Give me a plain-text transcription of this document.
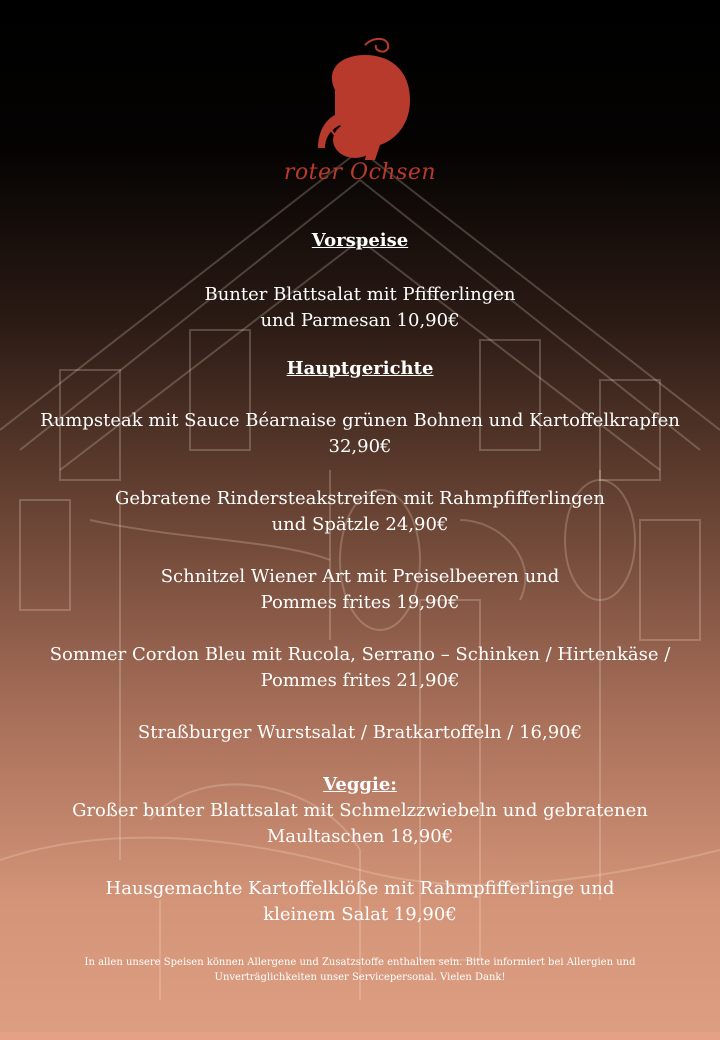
roter Ochsen

Vorspeise

Bunter Blattsalat mit Pfifferlingen
und Parmesan 10,90€

Hauptgerichte

Rumpsteak mit Sauce Béarnaise grünen Bohnen und Kartoffelkrapfen
32,90€

Gebratene Rindersteakstreifen mit Rahmpfifferlingen
und Spätzle 24,90€

Schnitzel Wiener Art mit Preiselbeeren und
Pommes frites 19,90€

Sommer Cordon Bleu mit Rucola, Serrano – Schinken / Hirtenkäse /
Pommes frites 21,90€

Straßburger Wurstsalat / Bratkartoffeln / 16,90€

Veggie:

Großer bunter Blattsalat mit Schmelzzwiebeln und gebratenen
Maultaschen 18,90€

Hausgemachte Kartoffelklöße mit Rahmpfifferlinge und
kleinem Salat 19,90€

In allen unsere Speisen können Allergene und Zusatzstoffe enthalten sein. Bitte informiert bei Allergien und
Unverträglichkeiten unser Servicepersonal. Vielen Dank!
